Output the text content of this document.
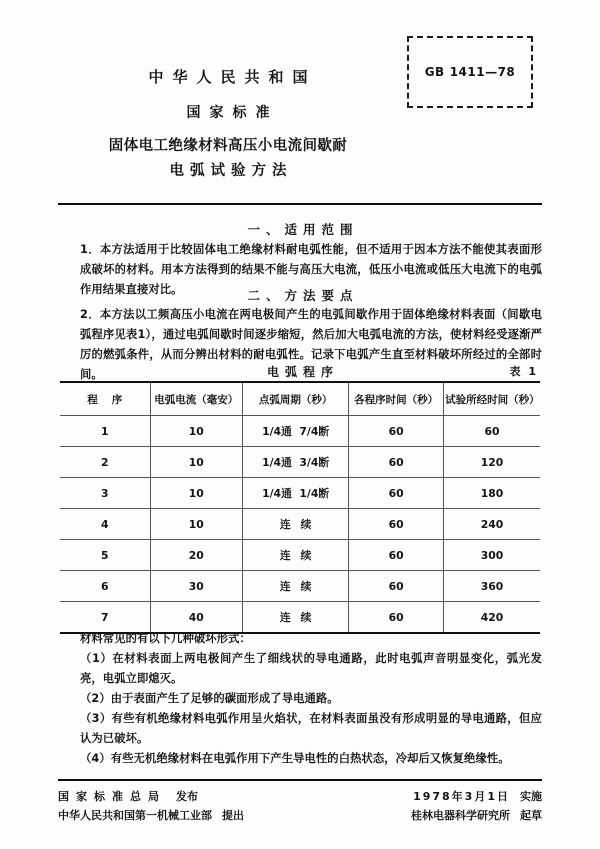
中华人民共和国
国家标准
固体电工绝缘材料高压小电流间歇耐
电弧试验方法
GB 1411—78
一、适用范围
1．本方法适用于比较固体电工绝缘材料耐电弧性能，但不适用于因本方法不能使其表面形成破坏的材料。用本方法得到的结果不能与高压大电流，低压小电流或低压大电流下的电弧作用结果直接对比。	二、方法要点
2．本方法以工频高压小电流在两电极间产生的电弧间歇作用于固体绝缘材料表面（间歇电弧程序见表1），通过电弧间歇时间逐步缩短，然后加大电弧电流的方法，使材料经受逐渐严厉的燃弧条件，从而分辨出材料的耐电弧性。记录下电弧产生直至材料破坏所经过的全部时间。	电弧程序	表 1
程序	电弧电流（毫安）	点弧周期（秒）	各程序时间（秒）	试验所经时间（秒）
1	10	1/4通  7/4断	60	60
2	10	1/4通  3/4断	60	120
3	10	1/4通  1/4断	60	180
4	10	连续	60	240
5	20	连续	60	300
6	30	连续	60	360
7	40	连续	60	420
材料常见的有以下几种破坏形式：
（1）在材料表面上两电极间产生了细线状的导电通路，此时电弧声音明显变化，弧光发亮，电弧立即熄灭。
（2）由于表面产生了足够的碳面形成了导电通路。
（3）有些有机绝缘材料电弧作用呈火焰状，在材料表面虽没有形成明显的导电通路，但应认为已破坏。
（4）有些无机绝缘材料在电弧作用下产生导电性的白热状态，冷却后又恢复绝缘性。
国家标准总局 发布	1978年3月1日 实施
中华人民共和国第一机械工业部 提出	桂林电器科学研究所 起草
